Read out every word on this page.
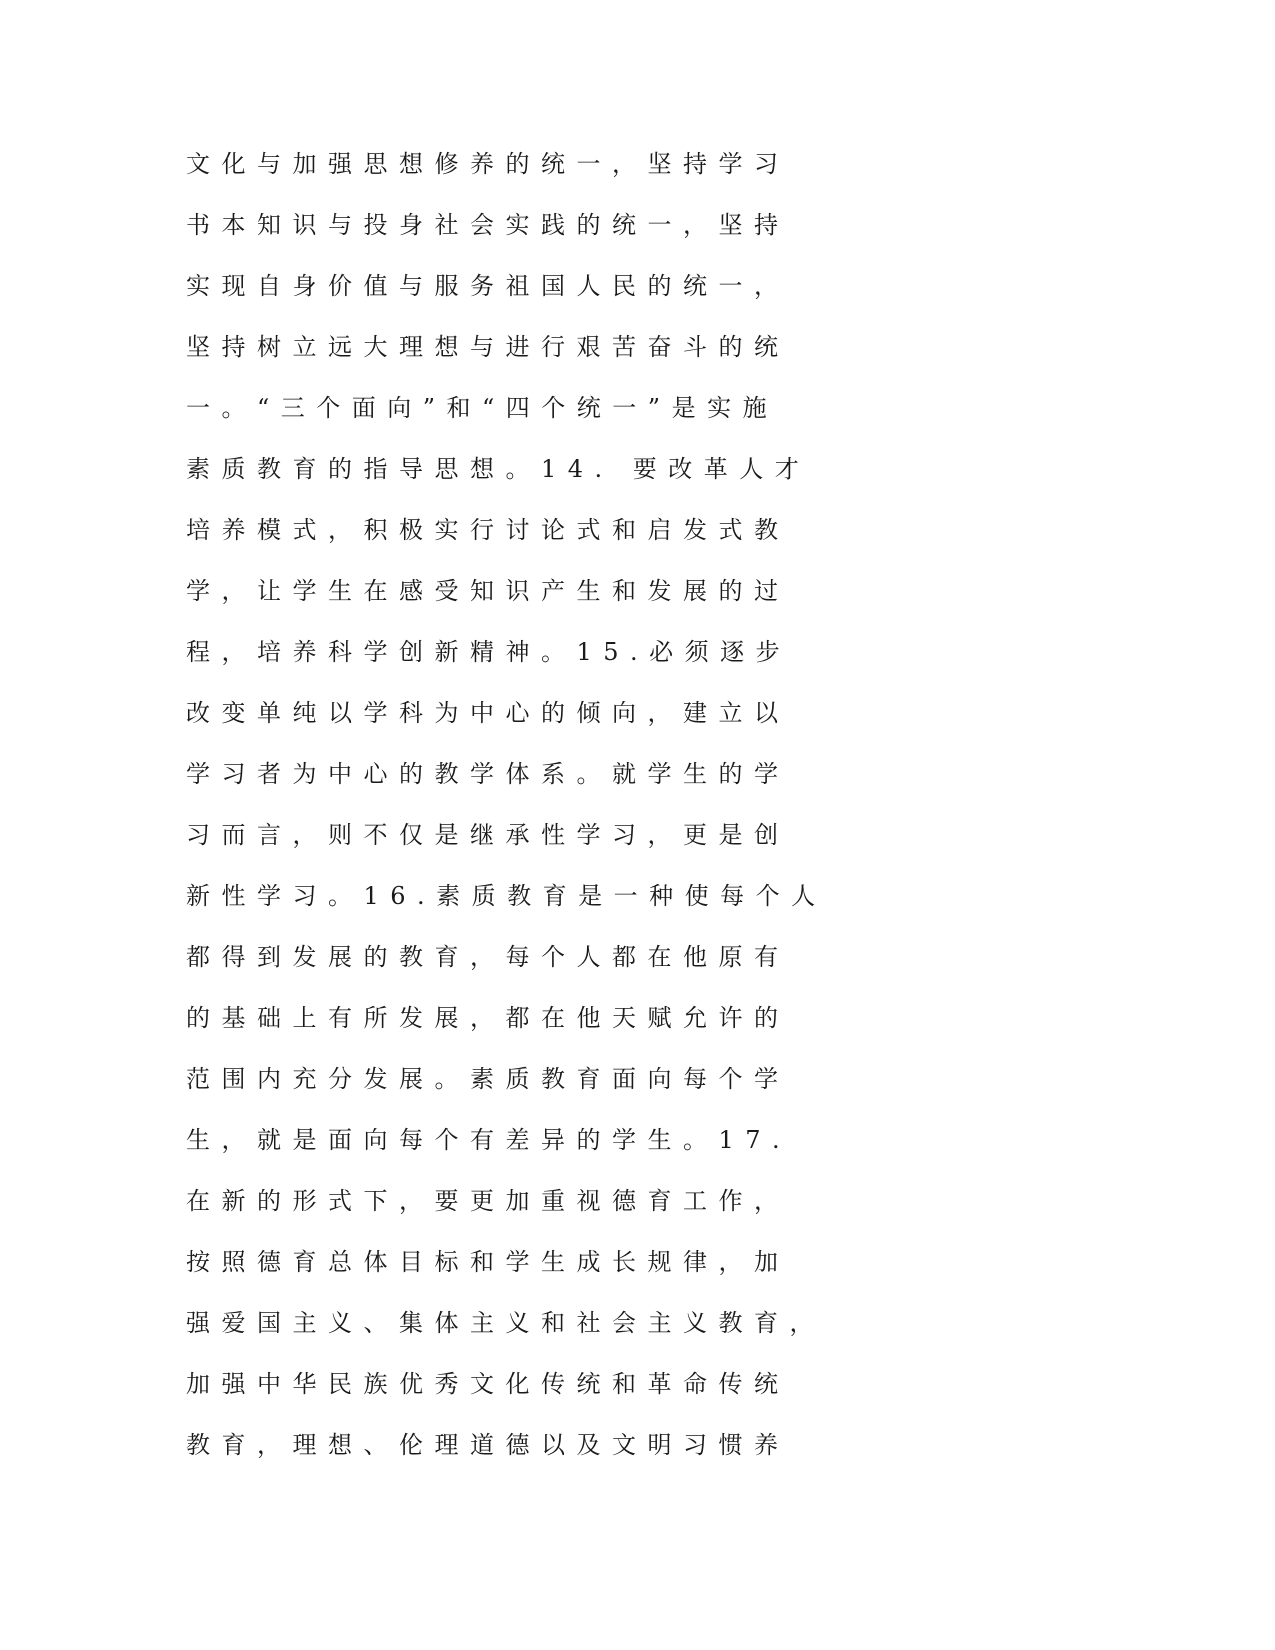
文化与加强思想修养的统一，坚持学习
书本知识与投身社会实践的统一，坚持
实现自身价值与服务祖国人民的统一，
坚持树立远大理想与进行艰苦奋斗的统
一。“三个面向”和“四个统一”是实施
素质教育的指导思想。14. 要改革人才
培养模式，积极实行讨论式和启发式教
学，让学生在感受知识产生和发展的过
程，培养科学创新精神。15.必须逐步
改变单纯以学科为中心的倾向，建立以
学习者为中心的教学体系。就学生的学
习而言，则不仅是继承性学习，更是创
新性学习。16.素质教育是一种使每个人
都得到发展的教育，每个人都在他原有
的基础上有所发展，都在他天赋允许的
范围内充分发展。素质教育面向每个学
生，就是面向每个有差异的学生。17.
在新的形式下，要更加重视德育工作，
按照德育总体目标和学生成长规律，加
强爱国主义、集体主义和社会主义教育，
加强中华民族优秀文化传统和革命传统
教育，理想、伦理道德以及文明习惯养
